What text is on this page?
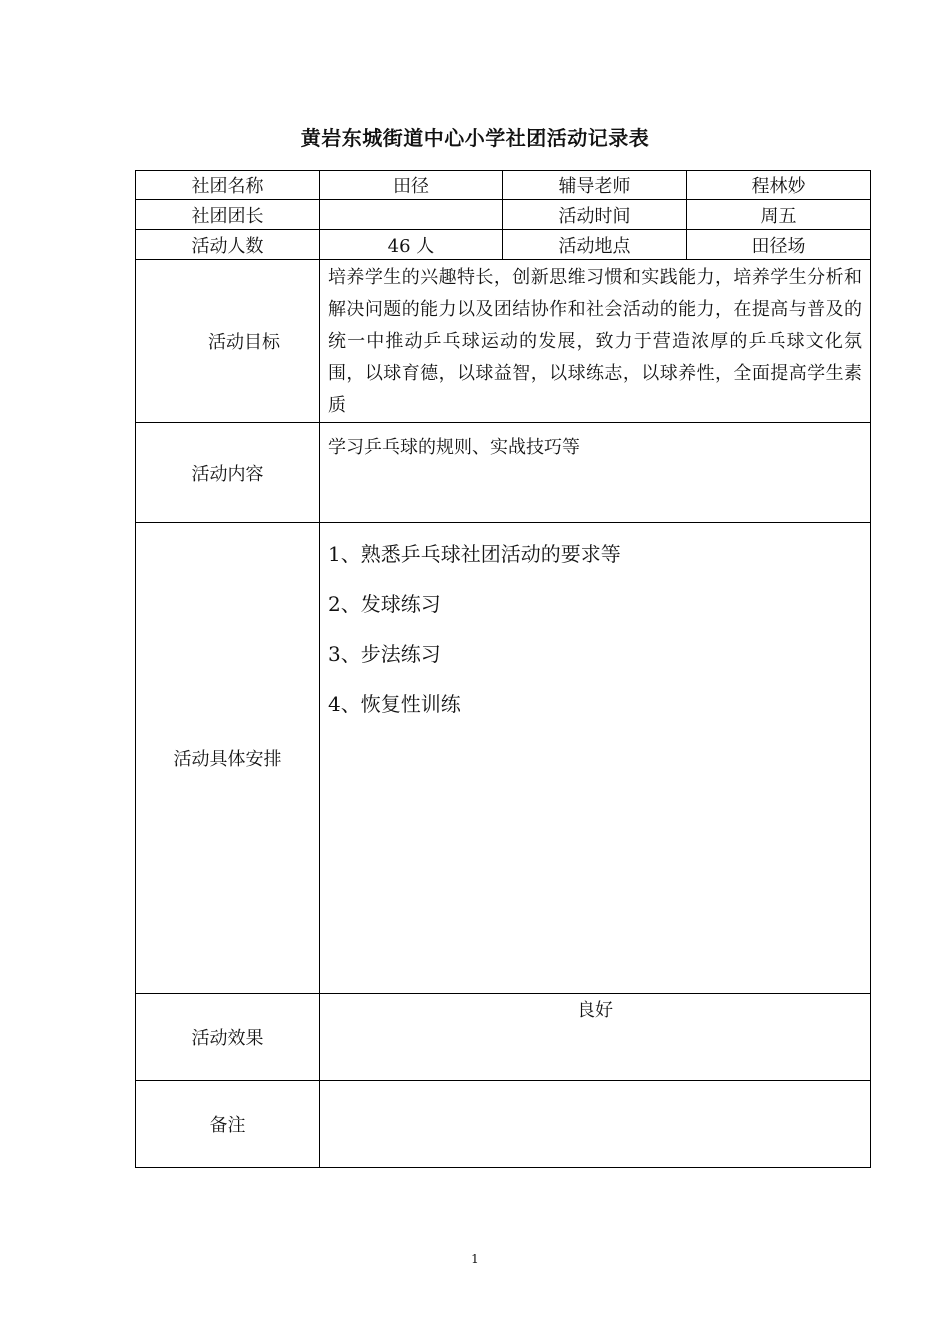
黄岩东城街道中心小学社团活动记录表
社团名称	田径	辅导老师	程林妙
社团团长		活动时间	周五
活动人数	46 人	活动地点	田径场
活动目标	培养学生的兴趣特长，创新思维习惯和实践能力，培养学生分析和解决问题的能力以及团结协作和社会活动的能力，在提高与普及的统一中推动乒乓球运动的发展，致力于营造浓厚的乒乓球文化氛围，以球育德，以球益智，以球练志，以球养性，全面提高学生素质		
活动内容	学习乒乓球的规则、实战技巧等		
活动具体安排	1、熟悉乒乓球社团活动的要求等
2、发球练习
3、步法练习
4、恢复性训练		

活动效果	良好		
备注			
1
